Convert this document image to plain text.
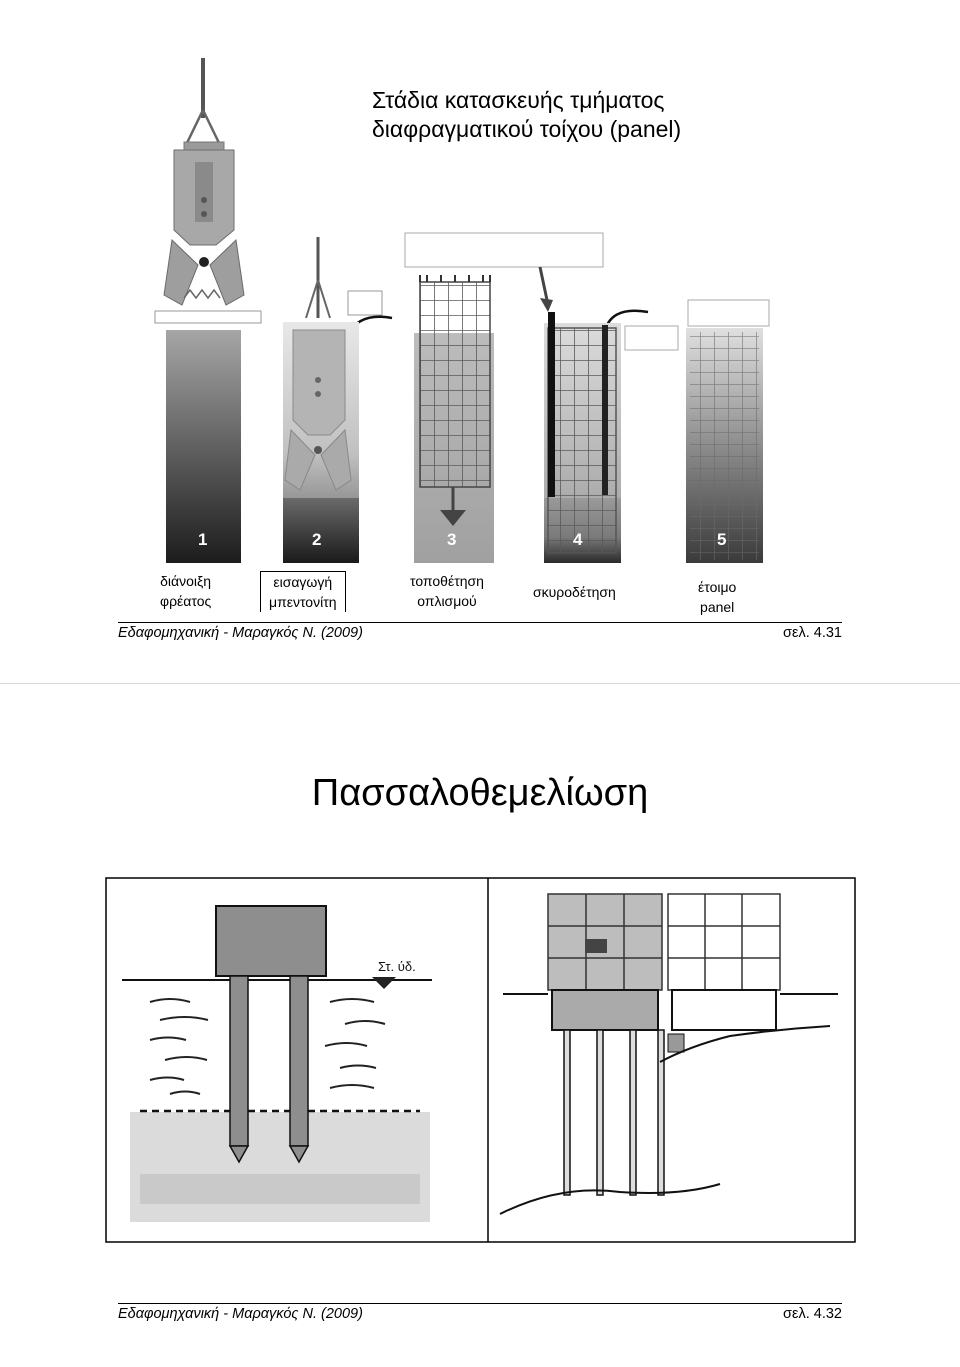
Στάδια κατασκευής τμήματος
διαφραγματικού τοίχου (panel)
1	2	3	4	5
διάνοιξη
φρέατος
εισαγωγή
μπεντονίτη
τοποθέτηση
οπλισμού
σκυροδέτηση	έτοιμο
panel
Εδαφομηχανική - Μαραγκός Ν. (2009)	σελ. 4.31
Πασσαλοθεμελίωση
Στ. ύδ.
Εδαφομηχανική - Μαραγκός Ν. (2009)	σελ. 4.32
